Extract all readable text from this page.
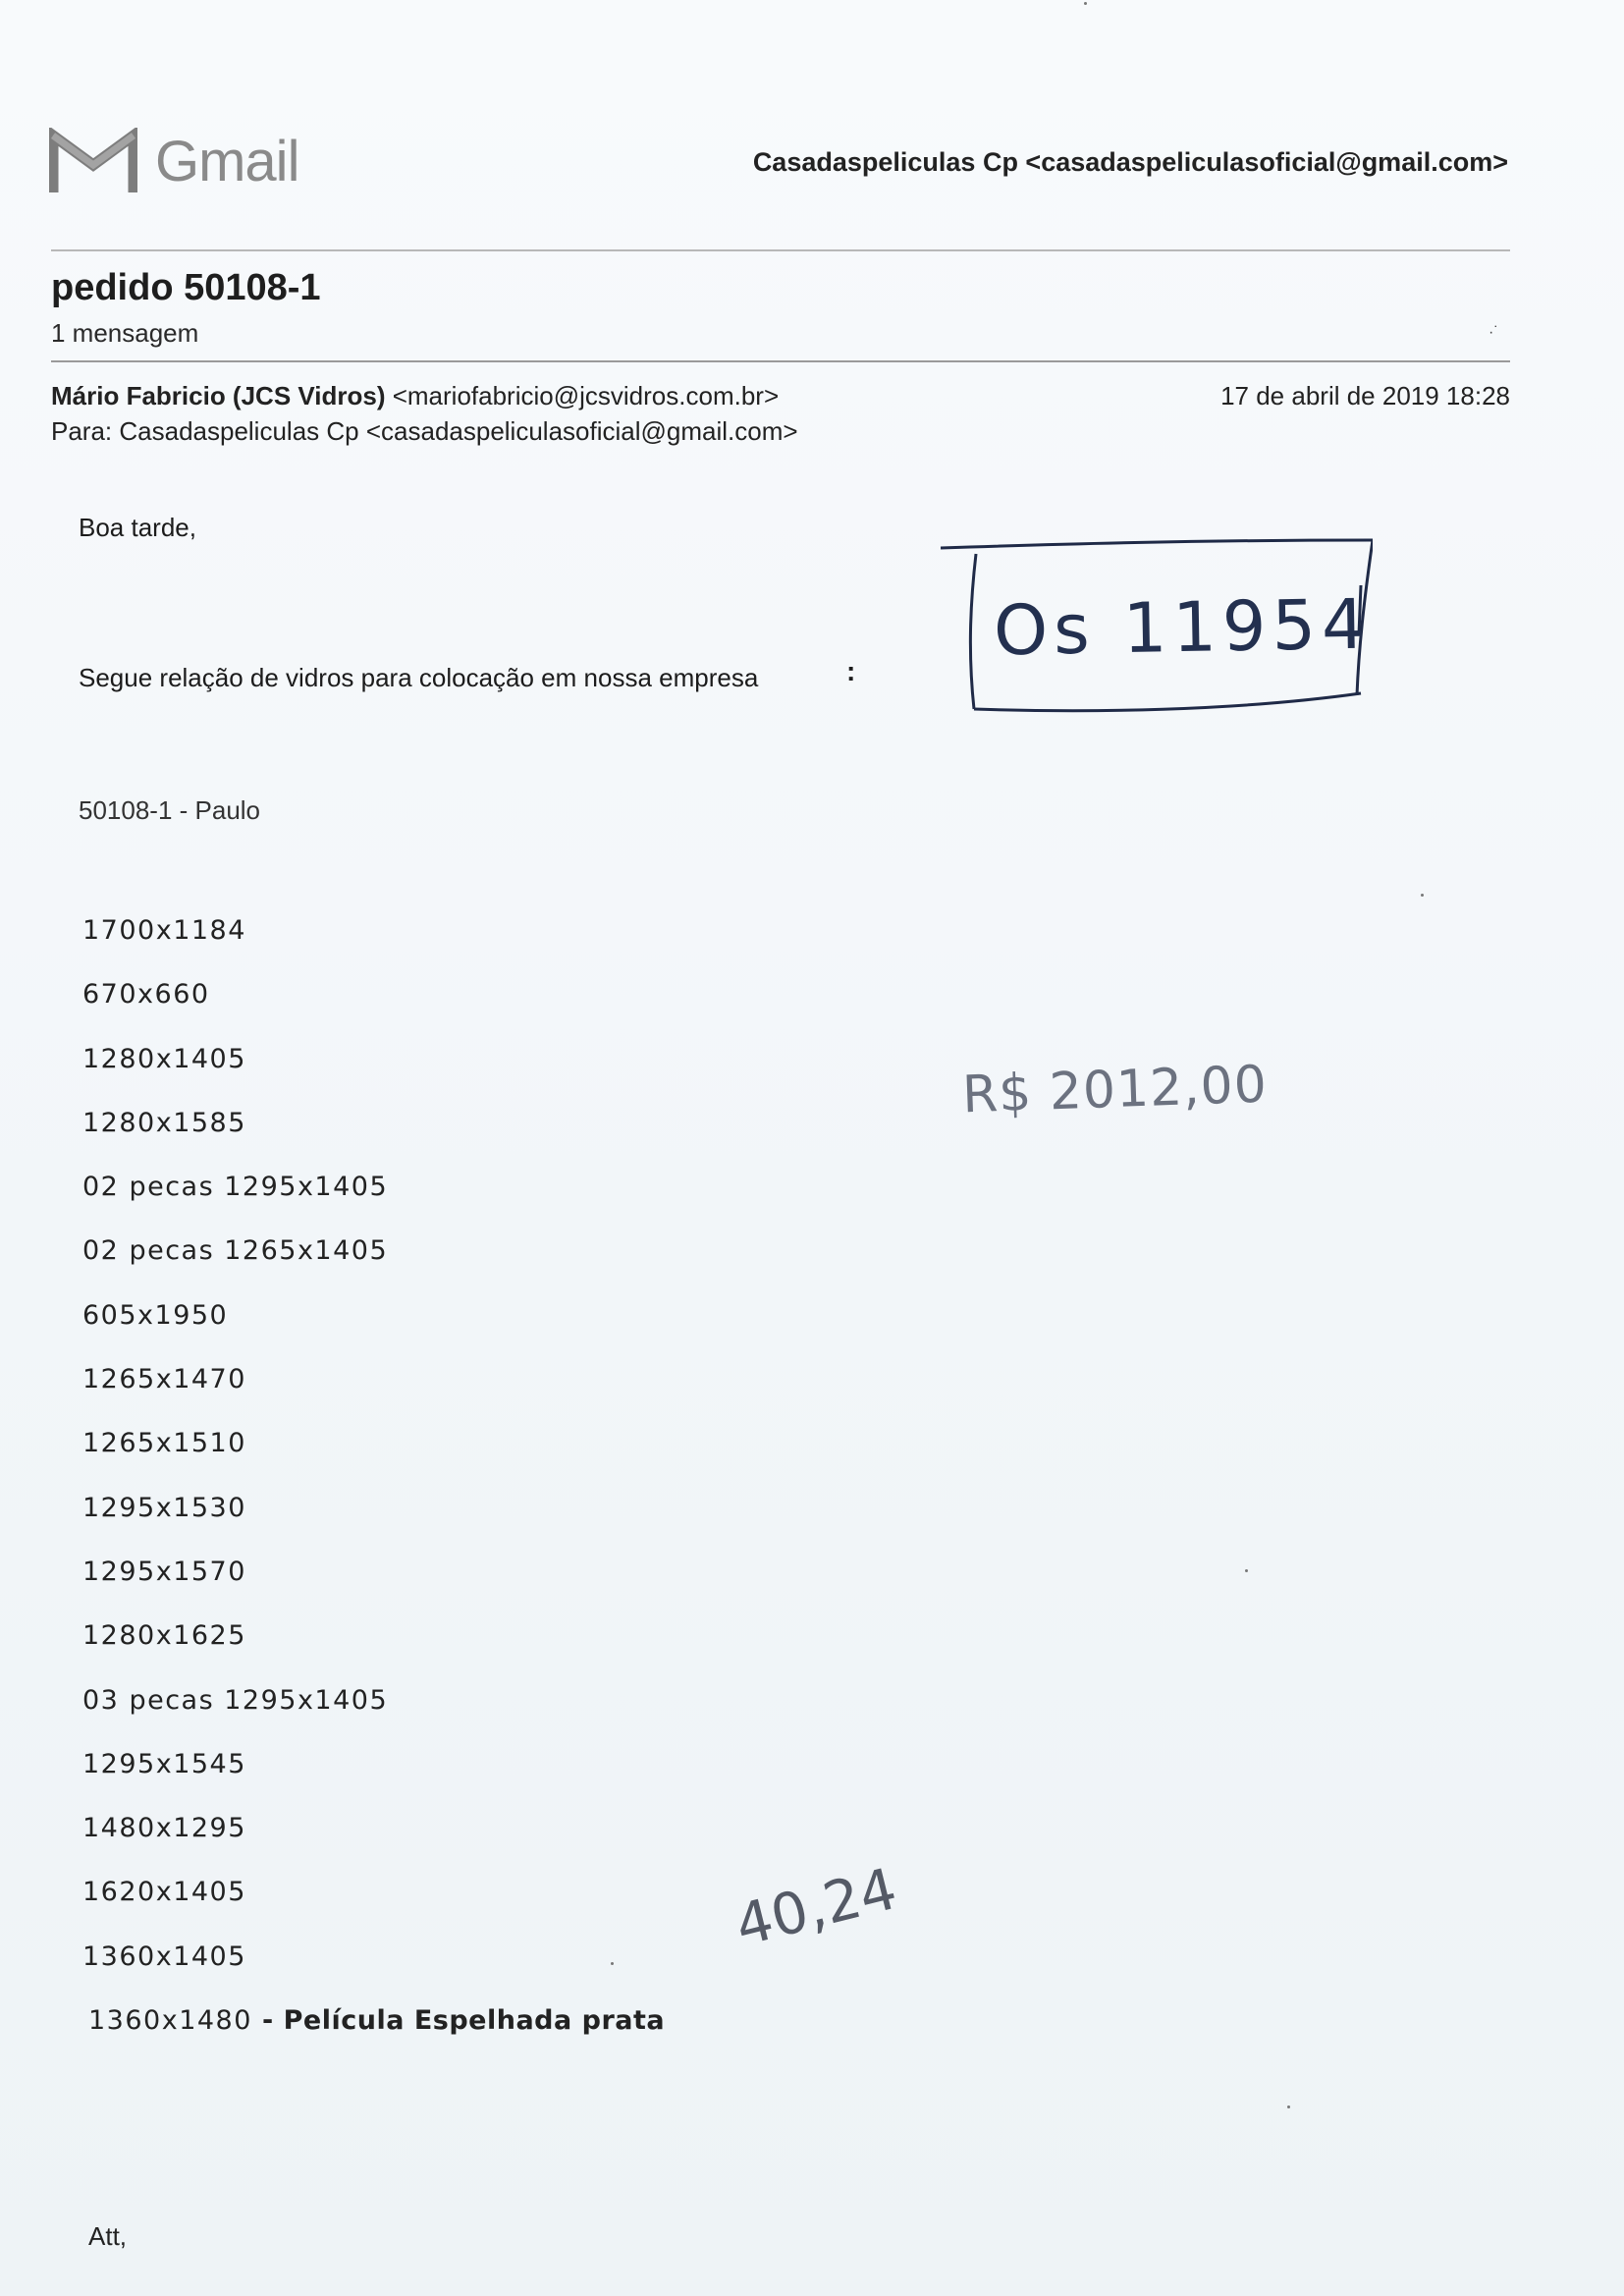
Gmail	Casadaspeliculas Cp <casadaspeliculasoficial@gmail.com>
pedido 50108-1
1 mensagem	·˙
Mário Fabricio (JCS Vidros) <mariofabricio@jcsvidros.com.br>
Para: Casadaspeliculas Cp <casadaspeliculasoficial@gmail.com>
17 de abril de 2019 18:28
Boa tarde,
Segue relação de vidros para colocação em nossa empresa	:
50108-1 - Paulo
1700x1184
670x660
1280x1405
1280x1585
02 pecas 1295x1405
02 pecas 1265x1405
605x1950
1265x1470
1265x1510
1295x1530
1295x1570
1280x1625
03 pecas 1295x1405
1295x1545
1480x1295
1620x1405
1360x1405
1360x1480 - Película Espelhada prata
Att,
Os 11954
R$ 2012,00
40,24
